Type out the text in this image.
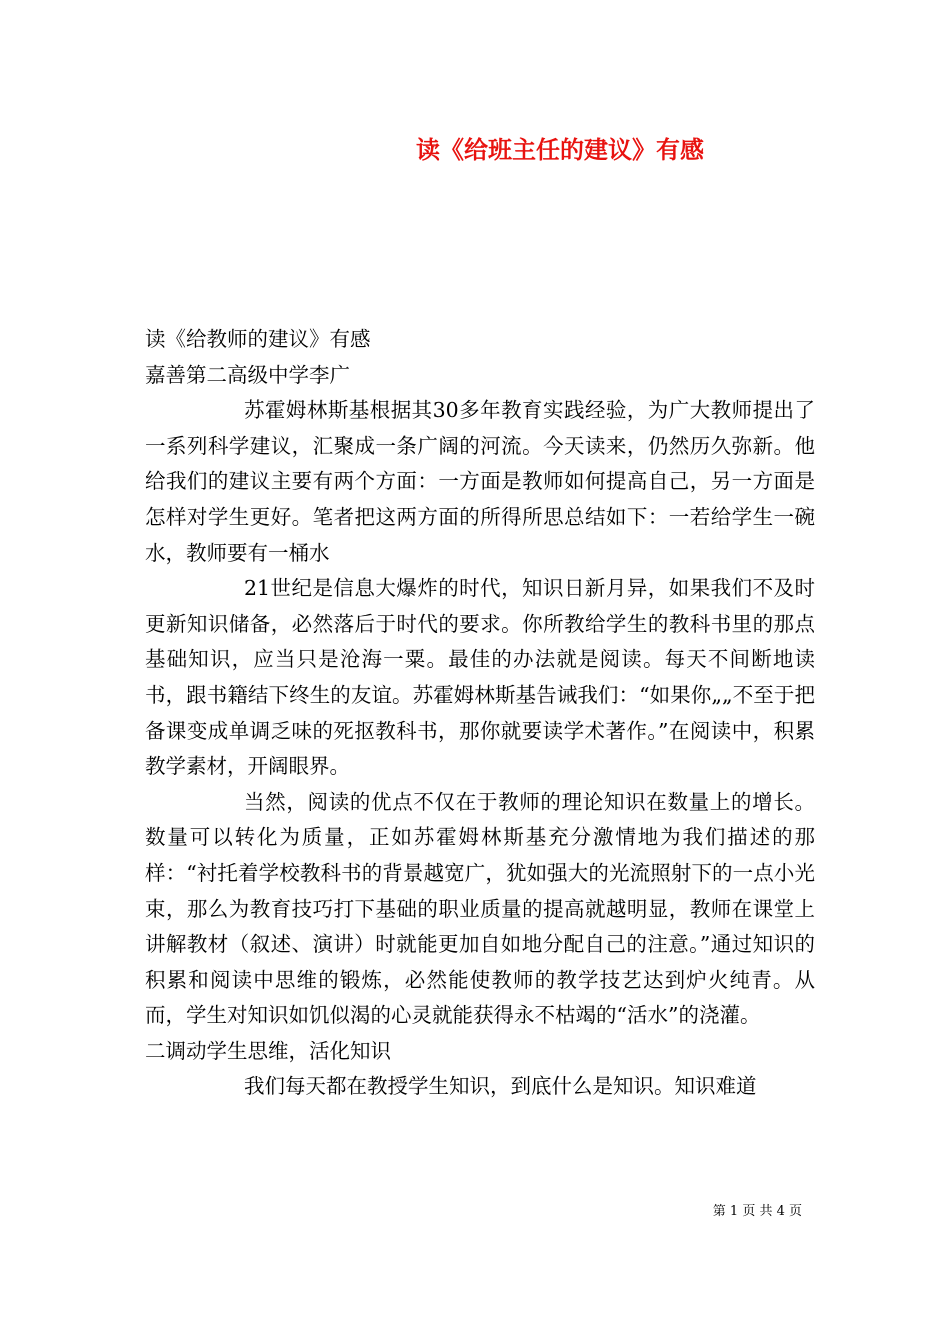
读《给班主任的建议》有感

读《给教师的建议》有感

嘉善第二高级中学李广

苏霍姆林斯基根据其30多年教育实践经验，为广大教师提出了一系列科学建议，汇聚成一条广阔的河流。今天读来，仍然历久弥新。他给我们的建议主要有两个方面：一方面是教师如何提高自己，另一方面是怎样对学生更好。笔者把这两方面的所得所思总结如下：一若给学生一碗水，教师要有一桶水

21世纪是信息大爆炸的时代，知识日新月异，如果我们不及时更新知识储备，必然落后于时代的要求。你所教给学生的教科书里的那点基础知识，应当只是沧海一粟。最佳的办法就是阅读。每天不间断地读书，跟书籍结下终生的友谊。苏霍姆林斯基告诫我们：“如果你„„不至于把备课变成单调乏味的死抠教科书，那你就要读学术著作。”在阅读中，积累教学素材，开阔眼界。

当然，阅读的优点不仅在于教师的理论知识在数量上的增长。数量可以转化为质量，正如苏霍姆林斯基充分激情地为我们描述的那样：“衬托着学校教科书的背景越宽广，犹如强大的光流照射下的一点小光束，那么为教育技巧打下基础的职业质量的提高就越明显，教师在课堂上讲解教材（叙述、演讲）时就能更加自如地分配自己的注意。”通过知识的积累和阅读中思维的锻炼，必然能使教师的教学技艺达到炉火纯青。从而，学生对知识如饥似渴的心灵就能获得永不枯竭的“活水”的浇灌。

二调动学生思维，活化知识

我们每天都在教授学生知识，到底什么是知识。知识难道

第 1 页 共 4 页
